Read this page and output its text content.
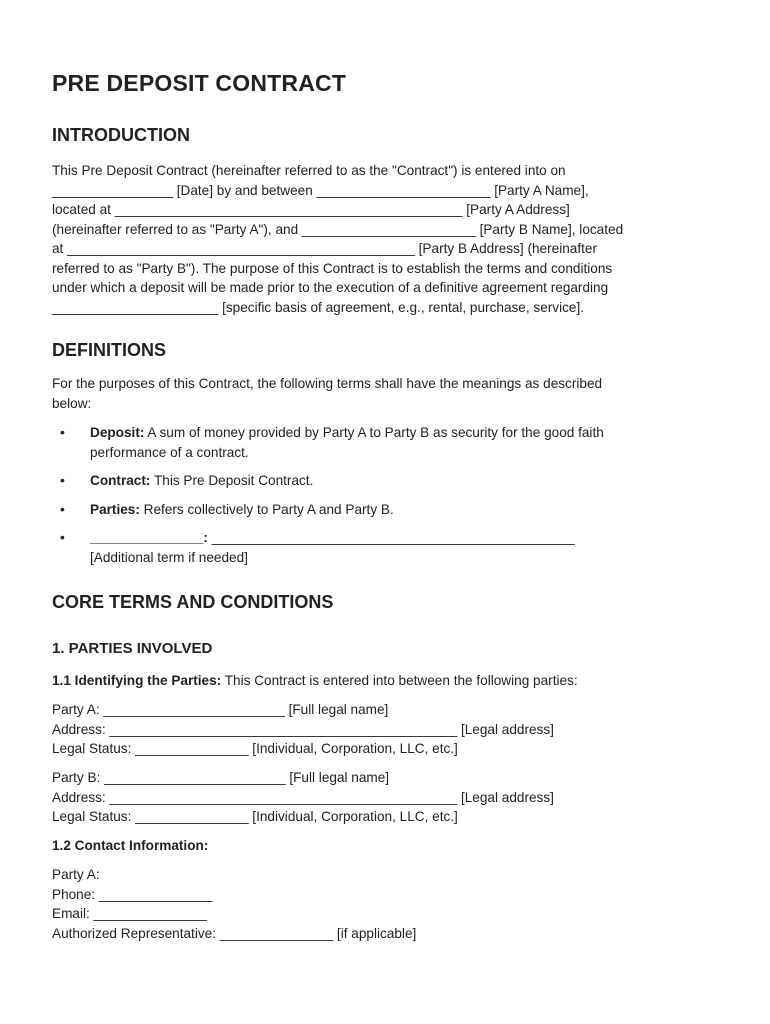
PRE DEPOSIT CONTRACT
INTRODUCTION
This Pre Deposit Contract (hereinafter referred to as the "Contract") is entered into on
________________ [Date] by and between _______________________ [Party A Name],
located at ______________________________________________ [Party A Address]
(hereinafter referred to as "Party A"), and _______________________ [Party B Name], located
at ______________________________________________ [Party B Address] (hereinafter
referred to as "Party B"). The purpose of this Contract is to establish the terms and conditions
under which a deposit will be made prior to the execution of a definitive agreement regarding
______________________ [specific basis of agreement, e.g., rental, purchase, service].
DEFINITIONS
For the purposes of this Contract, the following terms shall have the meanings as described
below:
• Deposit: A sum of money provided by Party A to Party B as security for the good faith
performance of a contract.
• Contract: This Pre Deposit Contract.
• Parties: Refers collectively to Party A and Party B.
• _______________: ________________________________________________
[Additional term if needed]
CORE TERMS AND CONDITIONS
1. PARTIES INVOLVED
1.1 Identifying the Parties: This Contract is entered into between the following parties:
Party A: ________________________ [Full legal name]
Address: ______________________________________________ [Legal address]
Legal Status: _______________ [Individual, Corporation, LLC, etc.]
Party B: ________________________ [Full legal name]
Address: ______________________________________________ [Legal address]
Legal Status: _______________ [Individual, Corporation, LLC, etc.]
1.2 Contact Information:
Party A:
Phone: _______________
Email: _______________
Authorized Representative: _______________ [if applicable]
